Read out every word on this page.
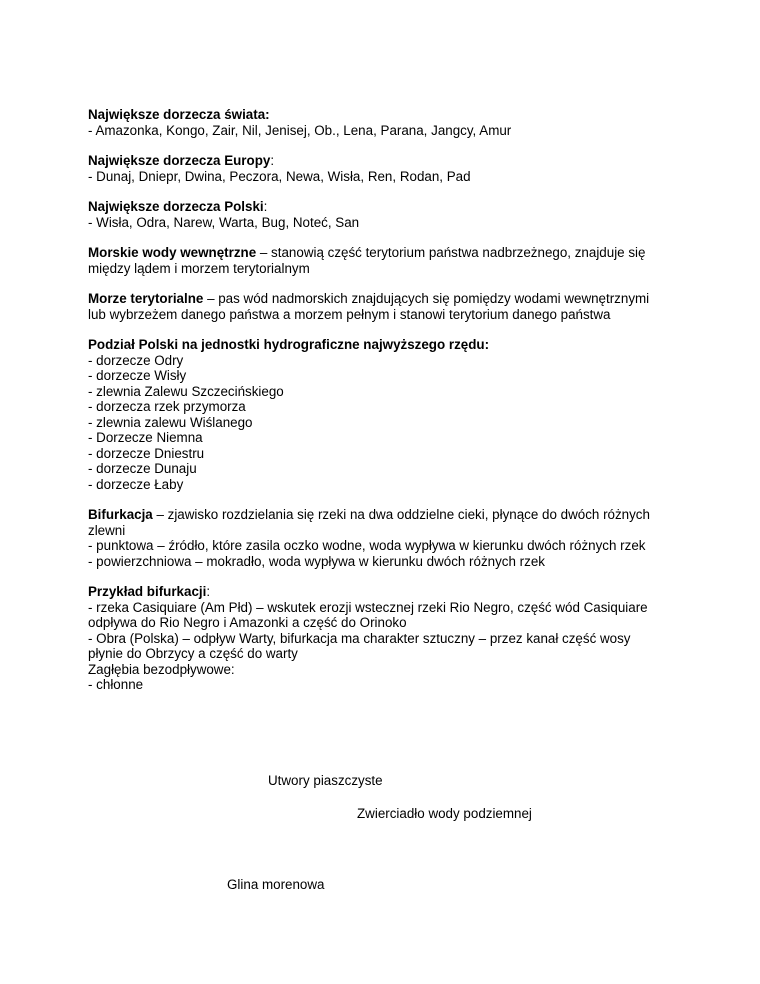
Największe dorzecza świata:
- Amazonka, Kongo, Zair, Nil, Jenisej, Ob., Lena, Parana, Jangcy, Amur
Największe dorzecza Europy:
- Dunaj, Dniepr, Dwina, Peczora, Newa, Wisła, Ren, Rodan, Pad
Największe dorzecza Polski:
- Wisła, Odra, Narew, Warta, Bug, Noteć, San
Morskie wody wewnętrzne – stanowią część terytorium państwa nadbrzeżnego, znajduje się
między lądem i morzem terytorialnym
Morze terytorialne – pas wód nadmorskich znajdujących się pomiędzy wodami wewnętrznymi
lub wybrzeżem danego państwa a morzem pełnym i stanowi terytorium danego państwa
Podział Polski na jednostki hydrograficzne najwyższego rzędu:
- dorzecze Odry
- dorzecze Wisły
- zlewnia Zalewu Szczecińskiego
- dorzecza rzek przymorza
- zlewnia zalewu Wiślanego
- Dorzecze Niemna
- dorzecze Dniestru
- dorzecze Dunaju
- dorzecze Łaby
Bifurkacja – zjawisko rozdzielania się rzeki na dwa oddzielne cieki, płynące do dwóch różnych
zlewni
- punktowa – źródło, które zasila oczko wodne, woda wypływa w kierunku dwóch różnych rzek
- powierzchniowa – mokradło, woda wypływa w kierunku dwóch różnych rzek
Przykład bifurkacji:
- rzeka Casiquiare (Am Płd) – wskutek erozji wstecznej rzeki Rio Negro, część wód Casiquiare
odpływa do Rio Negro i Amazonki a część do Orinoko
- Obra (Polska) – odpływ Warty, bifurkacja ma charakter sztuczny – przez kanał część wosy
płynie do Obrzycy a część do warty
Zagłębia bezodpływowe:
- chłonne
Utwory piaszczyste
Zwierciadło wody podziemnej
Glina morenowa
